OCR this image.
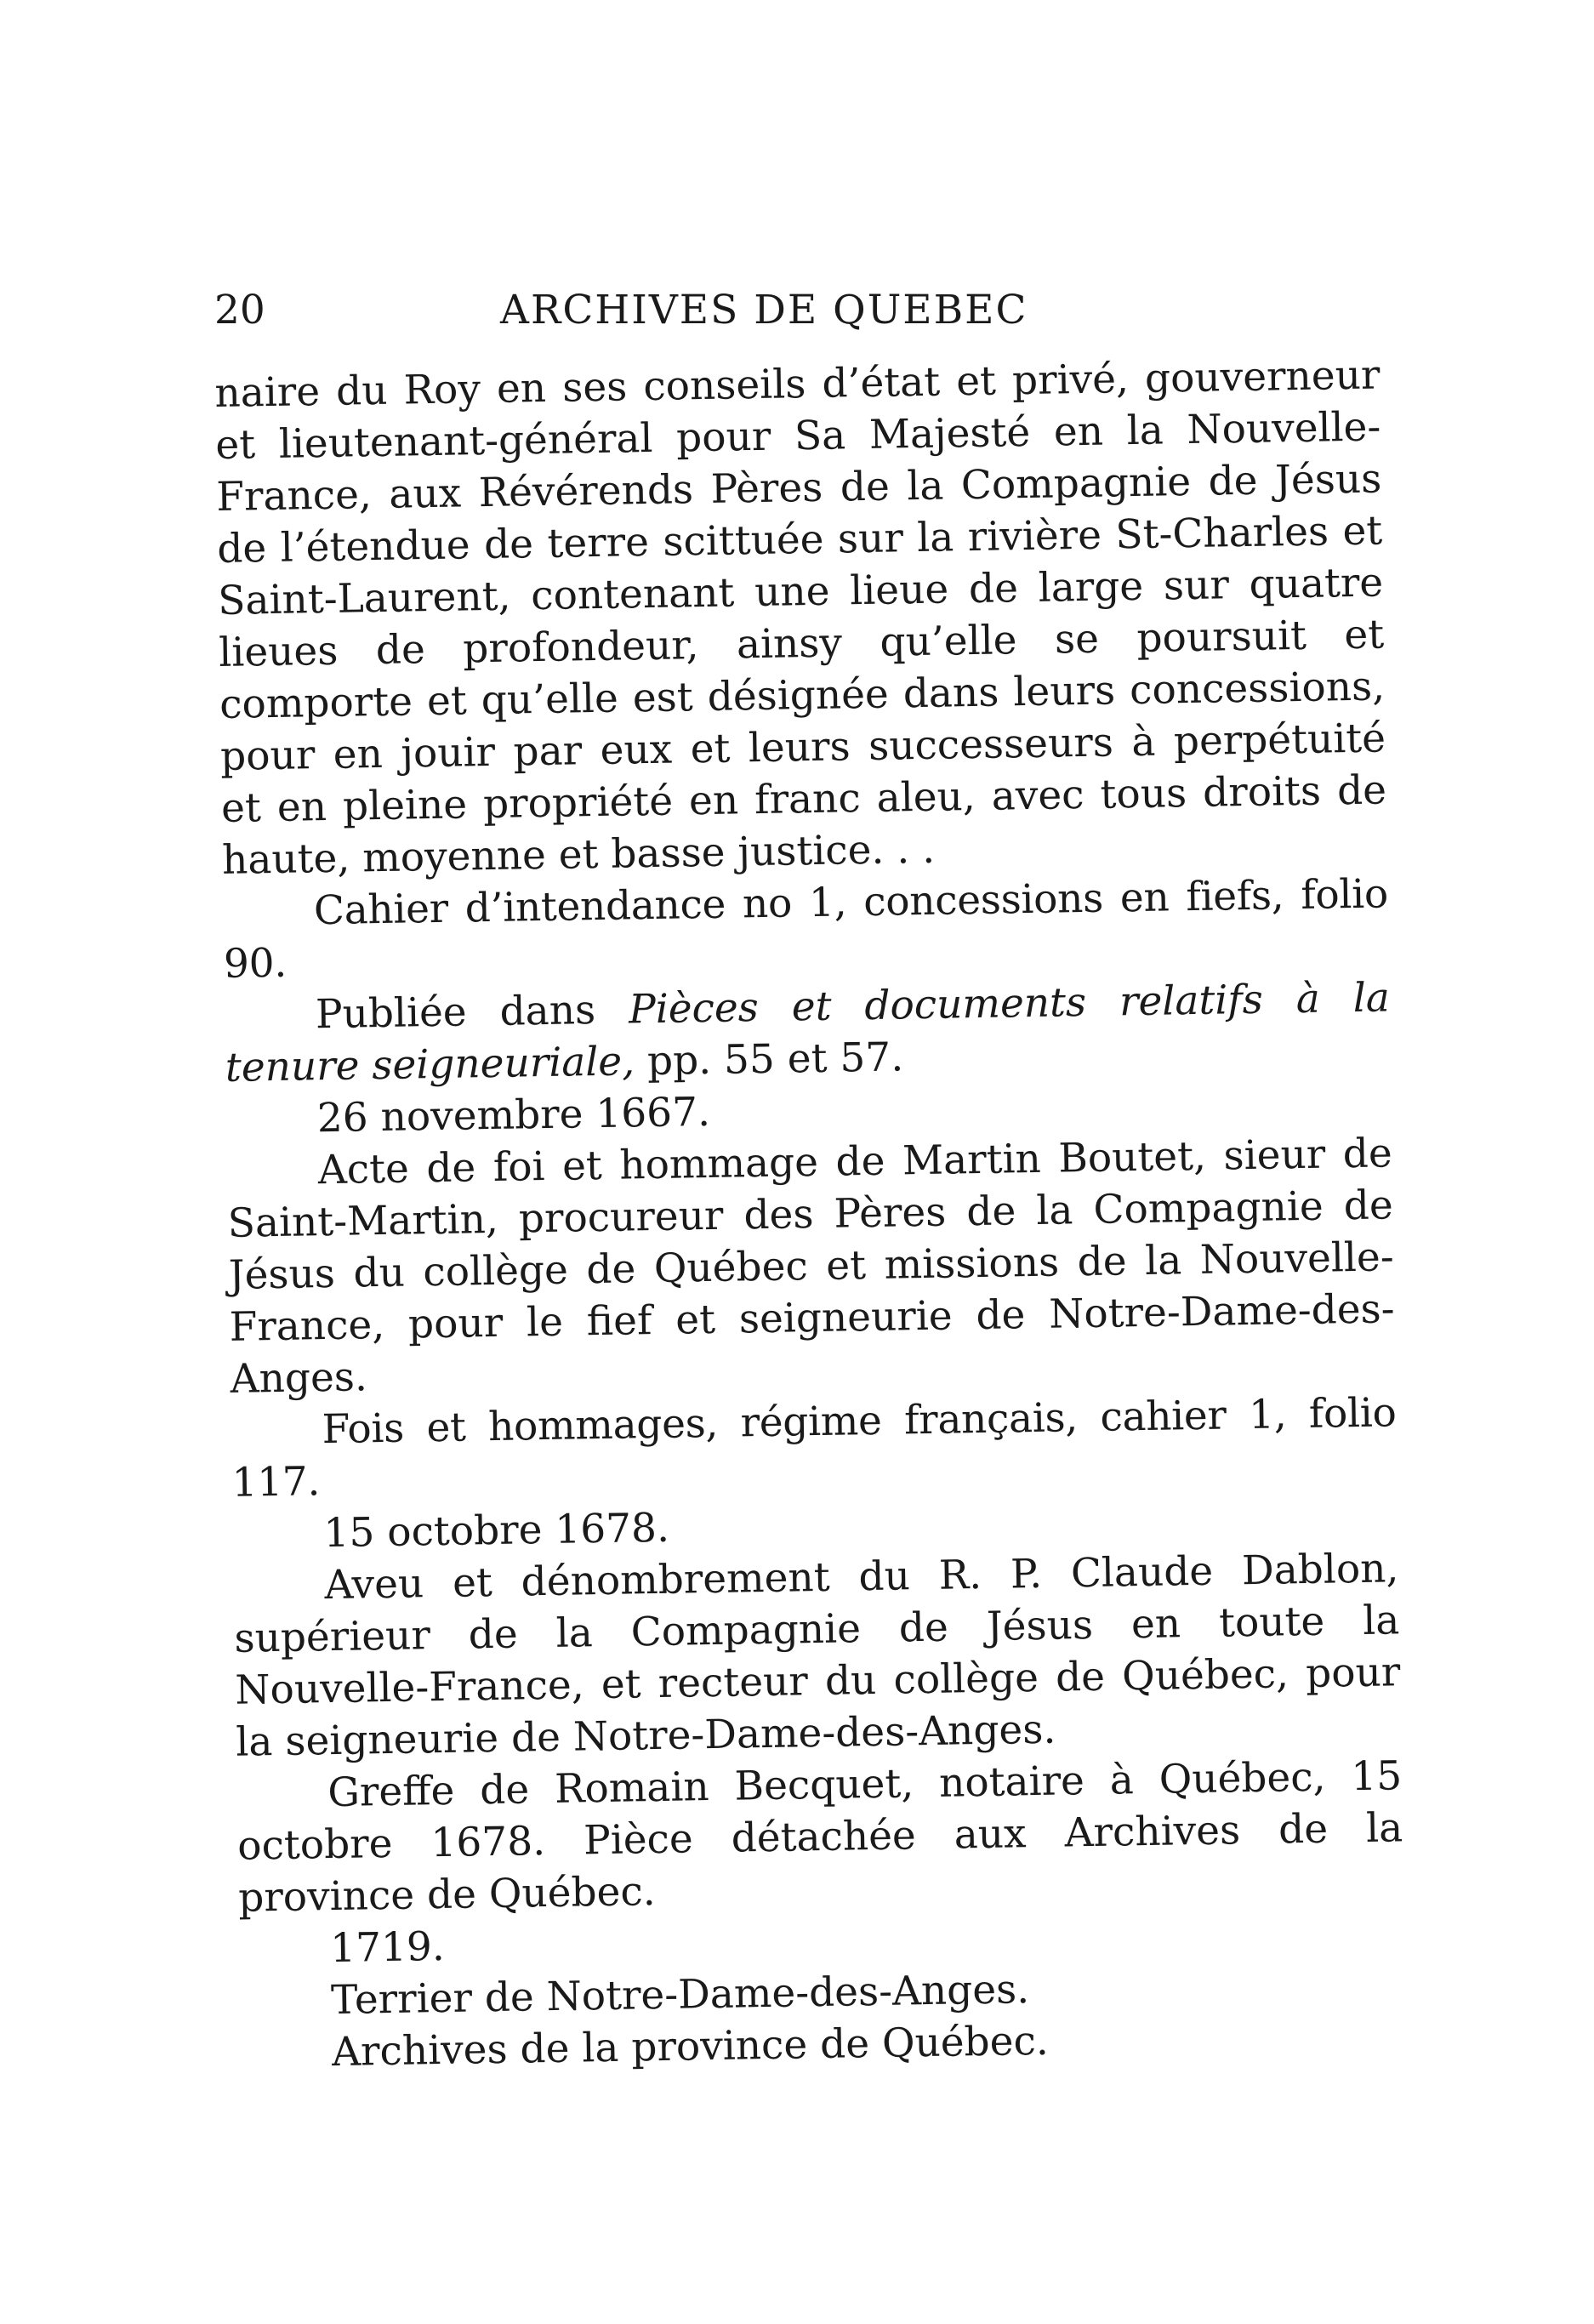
20	ARCHIVES DE QUEBEC

naire du Roy en ses conseils d’état et privé, gouverneur et lieutenant-général pour Sa Majesté en la Nouvelle-France, aux Révérends Pères de la Compagnie de Jésus de l’étendue de terre scittuée sur la rivière St-Charles et Saint-Laurent, contenant une lieue de large sur quatre lieues de profondeur, ainsy qu’elle se poursuit et comporte et qu’elle est désignée dans leurs concessions, pour en jouir par eux et leurs successeurs à perpétuité et en pleine propriété en franc aleu, avec tous droits de haute, moyenne et basse justice. . .

Cahier d’intendance no 1, concessions en fiefs, folio 90.

Publiée dans Pièces et documents relatifs à la tenure seigneuriale, pp. 55 et 57.

26 novembre 1667.

Acte de foi et hommage de Martin Boutet, sieur de Saint-Martin, procureur des Pères de la Compagnie de Jésus du collège de Québec et missions de la Nouvelle-France, pour le fief et seigneurie de Notre-Dame-des-Anges.

Fois et hommages, régime français, cahier 1, folio 117.

15 octobre 1678.

Aveu et dénombrement du R. P. Claude Dablon, supérieur de la Compagnie de Jésus en toute la Nouvelle-France, et recteur du collège de Québec, pour la seigneurie de Notre-Dame-des-Anges.

Greffe de Romain Becquet, notaire à Québec, 15 octobre 1678. Pièce détachée aux Archives de la province de Québec.

1719.

Terrier de Notre-Dame-des-Anges.

Archives de la province de Québec.
